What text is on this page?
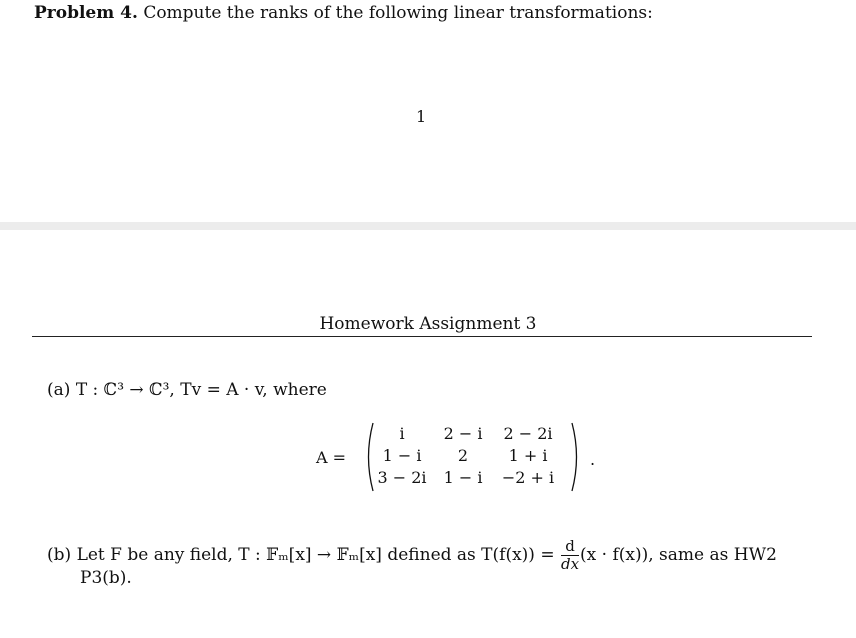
Problem 4. Compute the ranks of the following linear transformations:
1
Homework Assignment 3
(a) T : ℂ³ → ℂ³, Tv = A · v, where
A =
i	2 − i	2 − 2i
1 − i	2	1 + i
3 − 2i	1 − i	−2 + i
.
(b) Let F be any field, T : 𝔽ₘ[x] → 𝔽ₘ[x] defined as $T(f(x)) = \frac{d}{dx} (x \cdot f(x))$, same as HW2
P3(b).
